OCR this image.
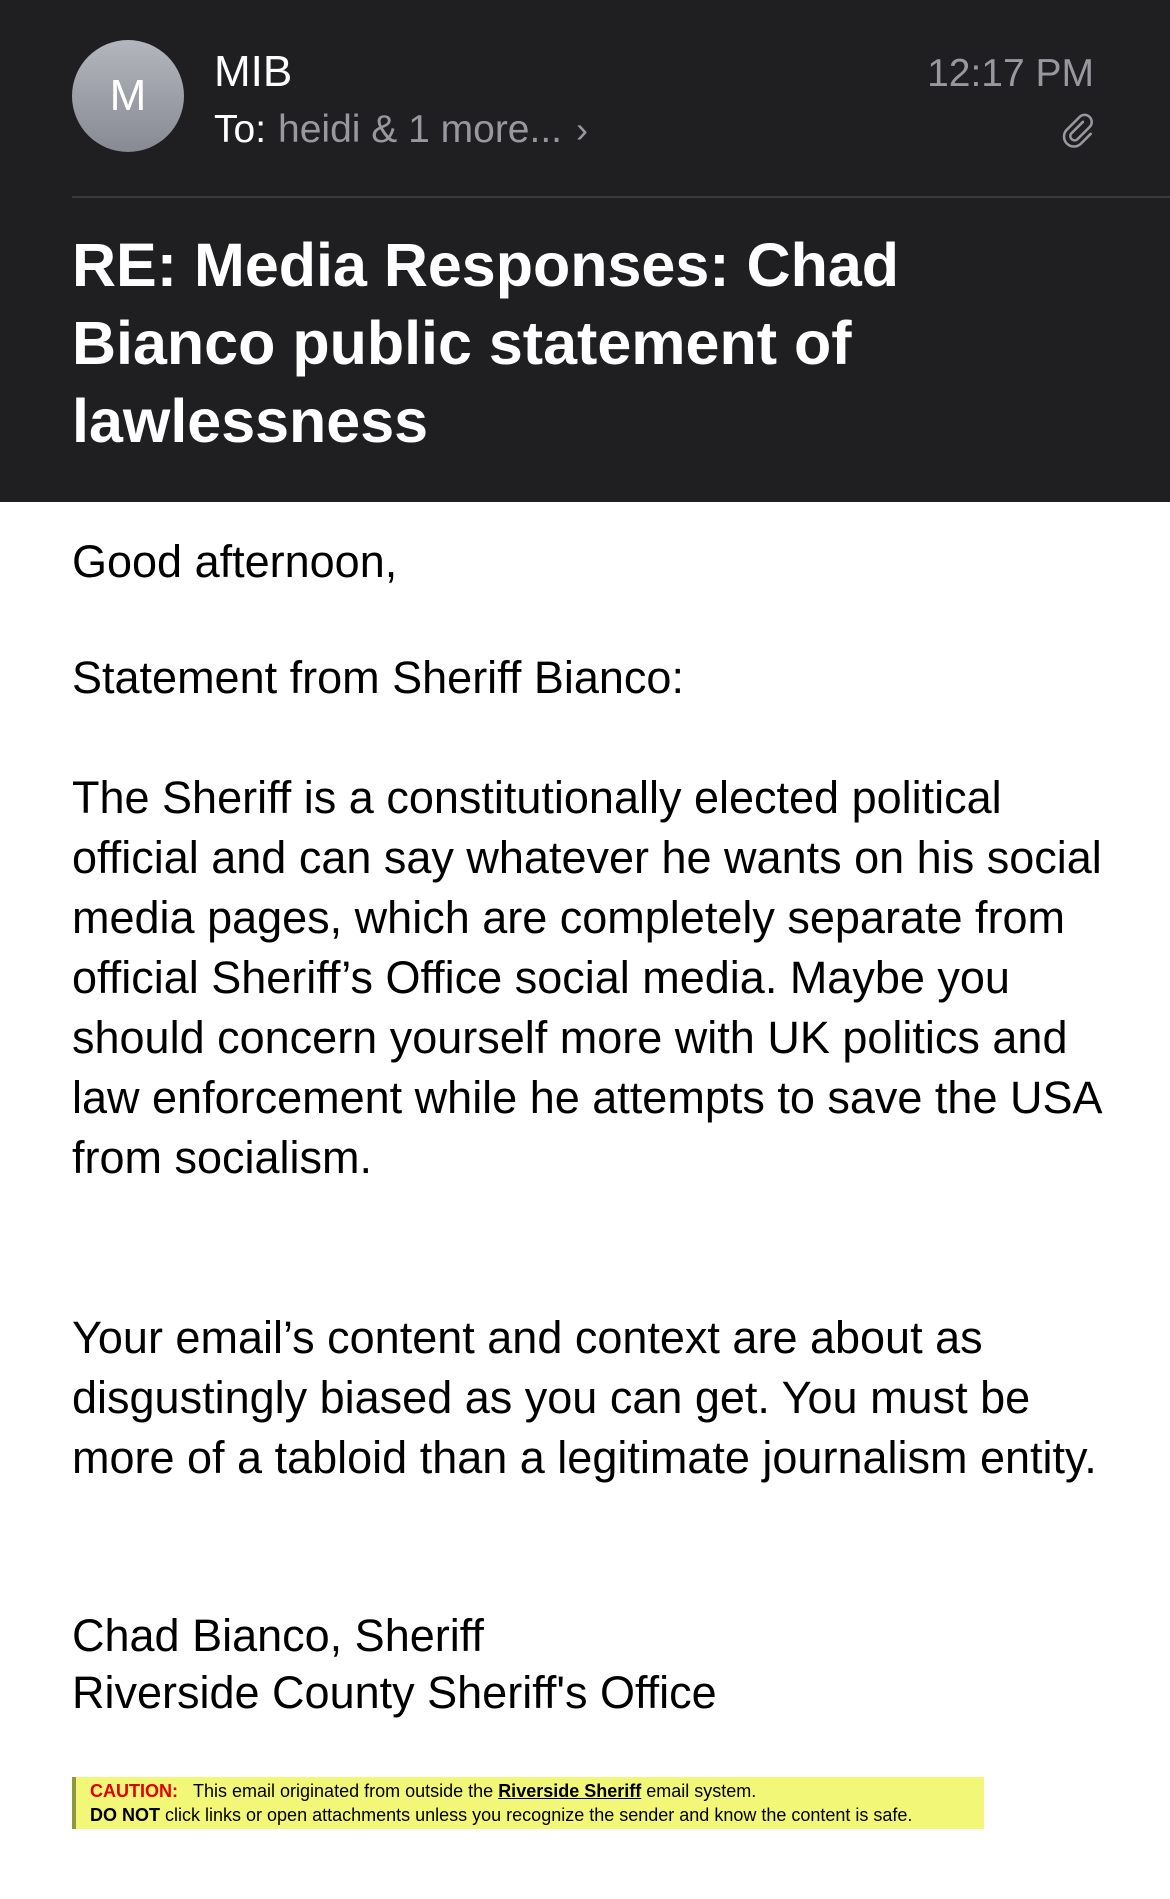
M	MIB
To: heidi & 1 more... ›
12:17 PM
RE: Media Responses: Chad Bianco public statement of lawlessness

Good afternoon,

Statement from Sheriff Bianco:

The Sheriff is a constitutionally elected political official and can say whatever he wants on his social media pages, which are completely separate from official Sheriff’s Office social media. Maybe you should concern yourself more with UK politics and law enforcement while he attempts to save the USA from socialism.

Your email’s content and context are about as disgustingly biased as you can get. You must be more of a tabloid than a legitimate journalism entity.

Chad Bianco, Sheriff
Riverside County Sheriff's Office
CAUTION: This email originated from outside the Riverside Sheriff email system.
DO NOT click links or open attachments unless you recognize the sender and know the content is safe.
